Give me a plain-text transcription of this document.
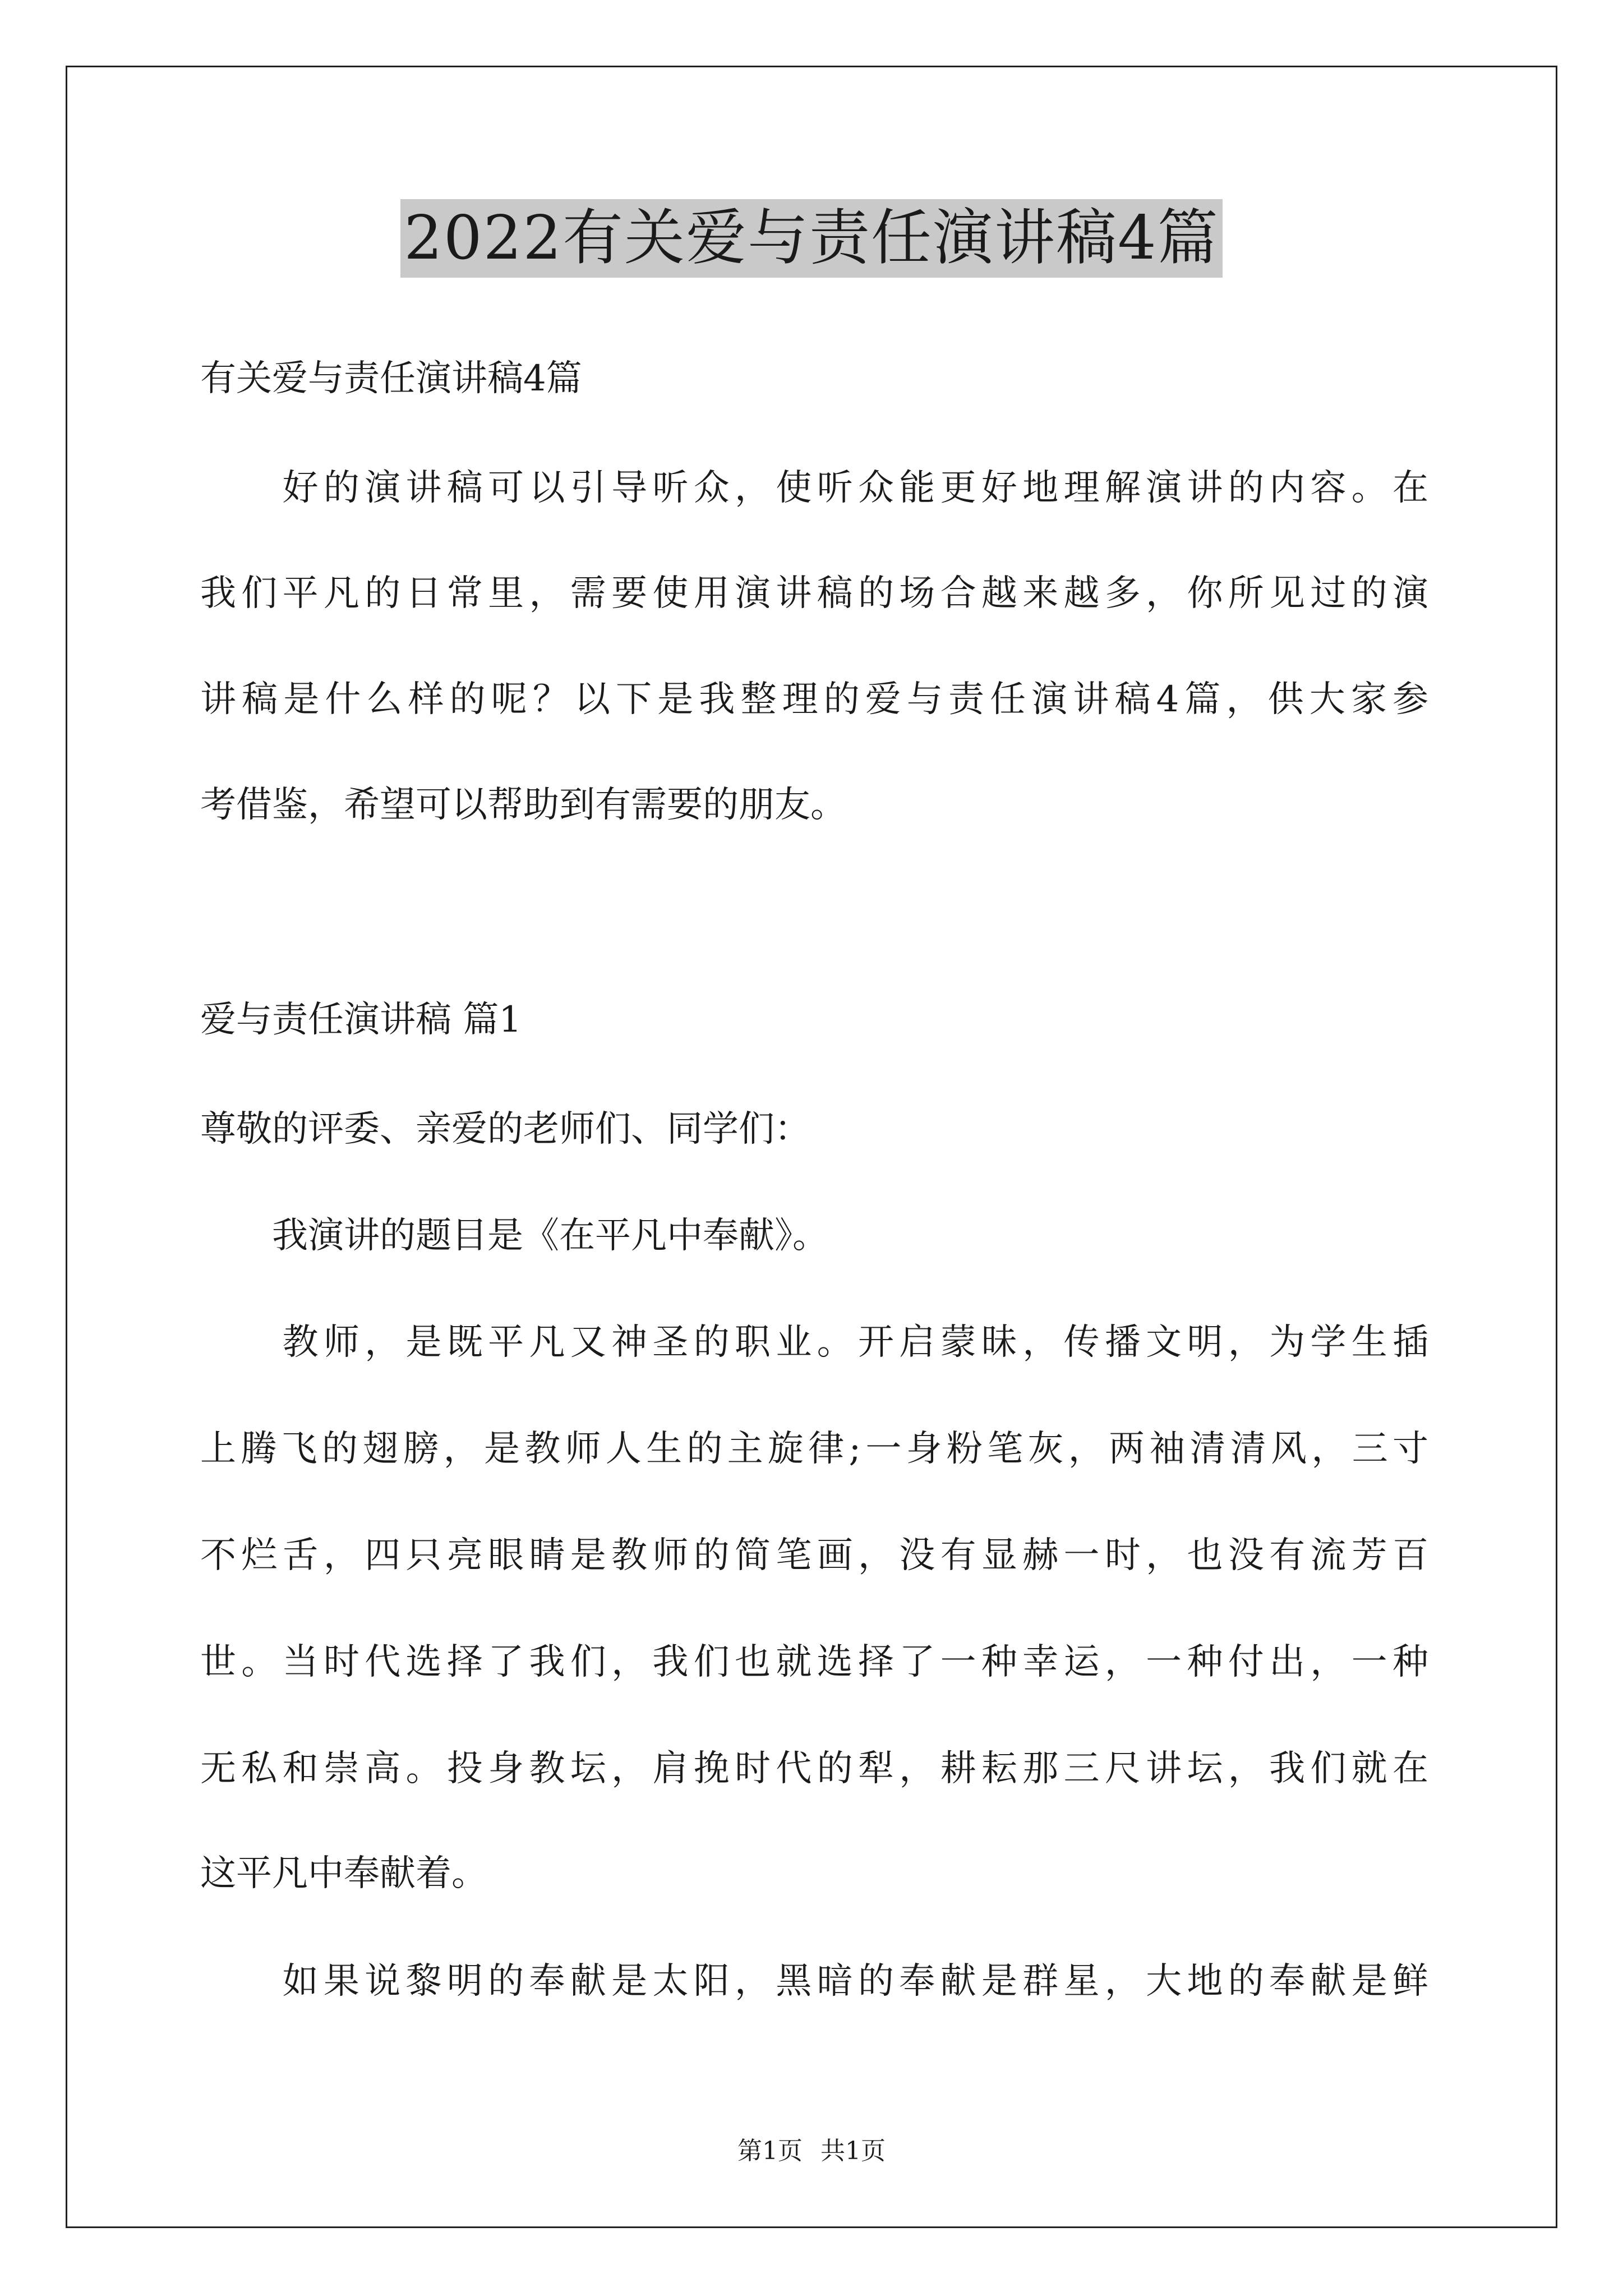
2022有关爱与责任演讲稿4篇
有关爱与责任演讲稿4篇
　　好的演讲稿可以引导听众，使听众能更好地理解演讲的内容。在
我们平凡的日常里，需要使用演讲稿的场合越来越多，你所见过的演
讲稿是什么样的呢？以下是我整理的爱与责任演讲稿4篇，供大家参
考借鉴，希望可以帮助到有需要的朋友。
爱与责任演讲稿 篇1
尊敬的评委、亲爱的老师们、同学们：
　　我演讲的题目是《在平凡中奉献》。
　　教师，是既平凡又神圣的职业。开启蒙昧，传播文明，为学生插
上腾飞的翅膀，是教师人生的主旋律;一身粉笔灰，两袖清清风，三寸
不烂舌，四只亮眼睛是教师的简笔画，没有显赫一时，也没有流芳百
世。当时代选择了我们，我们也就选择了一种幸运，一种付出，一种
无私和崇高。投身教坛，肩挽时代的犁，耕耘那三尺讲坛，我们就在
这平凡中奉献着。
　　如果说黎明的奉献是太阳，黑暗的奉献是群星，大地的奉献是鲜
第1页 共1页
